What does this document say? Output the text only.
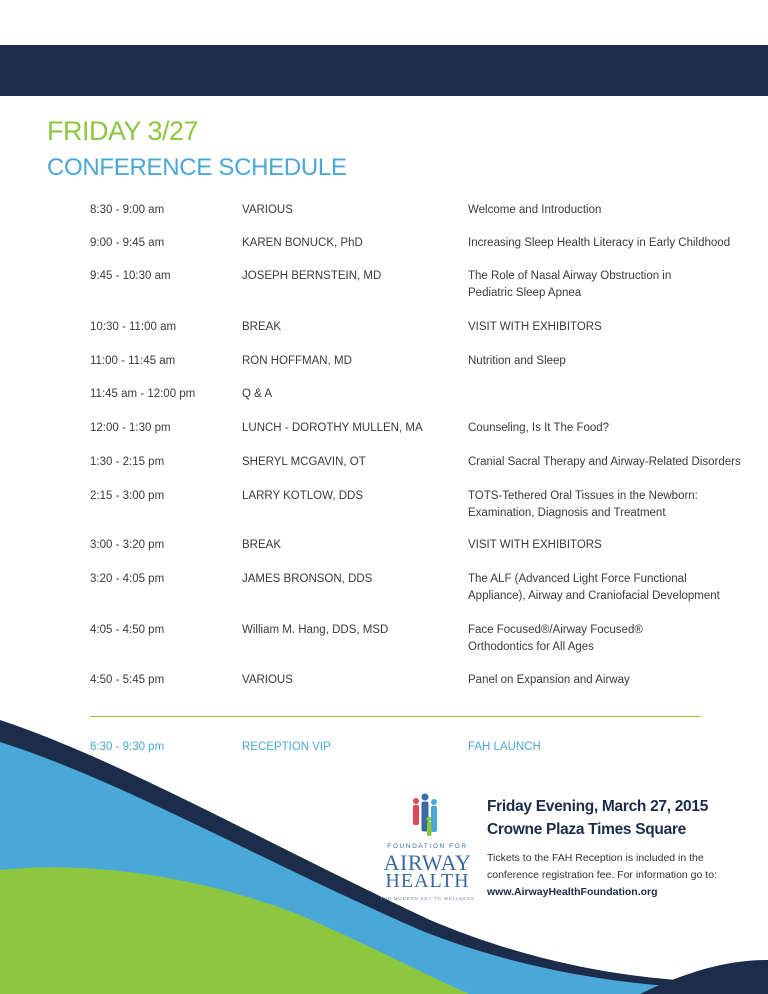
FRIDAY 3/27
CONFERENCE SCHEDULE
8:30 - 9:00 am	VARIOUS	Welcome and Introduction
9:00 - 9:45 am	KAREN BONUCK, PhD	Increasing Sleep Health Literacy in Early Childhood
9:45 - 10:30 am	JOSEPH BERNSTEIN, MD	The Role of Nasal Airway Obstruction in
Pediatric Sleep Apnea
10:30 - 11:00 am	BREAK	VISIT WITH EXHIBITORS
11:00 - 11:45 am	RON HOFFMAN, MD	Nutrition and Sleep
11:45 am - 12:00 pm	Q & A
12:00 - 1:30 pm	LUNCH - DOROTHY MULLEN, MA	Counseling, Is It The Food?
1:30 - 2:15 pm	SHERYL MCGAVIN, OT	Cranial Sacral Therapy and Airway-Related Disorders
2:15 - 3:00 pm	LARRY KOTLOW, DDS	TOTS-Tethered Oral Tissues in the Newborn:
Examination, Diagnosis and Treatment
3:00 - 3:20 pm	BREAK	VISIT WITH EXHIBITORS
3:20 - 4:05 pm	JAMES BRONSON, DDS	The ALF (Advanced Light Force Functional
Appliance), Airway and Craniofacial Development
4:05 - 4:50 pm	William M. Hang, DDS, MSD	Face Focused®/Airway Focused®
Orthodontics for All Ages
4:50 - 5:45 pm	VARIOUS	Panel on Expansion and Airway
6:30 - 9:30 pm	RECEPTION VIP	FAH LAUNCH
FOUNDATION FOR
AIRWAY
HEALTH
THE MODERN KEY TO WELLNESS
Friday Evening, March 27, 2015
Crowne Plaza Times Square
Tickets to the FAH Reception is included in the
conference registration fee. For information go to:
www.AirwayHealthFoundation.org
